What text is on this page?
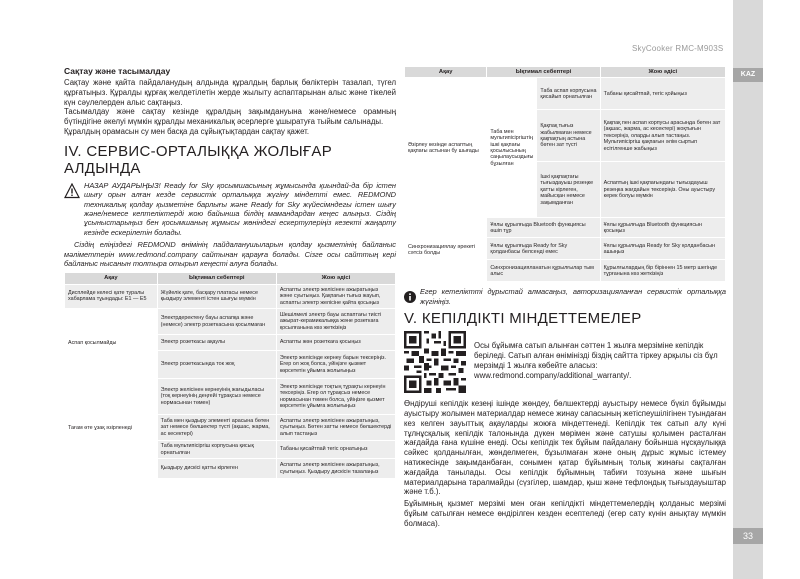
SkyCooker RMC-M903S
KAZ
33
Сақтау және тасымалдау

Сақтау және қайта пайдаланудың алдында құралдың барлық бөліктерін тазалап, түгел құрғатыңыз. Құралды құрғақ желдетілетін жерде жылыту аспаптарынан алыс және тікелей күн сәулелерден алыс сақтаңыз.

Тасымалдау және сақтау кезінде құралдың зақымдануына және/немесе орамның бүтіндігіне әкелуі мүмкін құралды механикалық әсерлерге ұшыратуға тыйым салынады.

Құралдың орамасын су мен басқа да сұйықтықтардан сақтау қажет.

IV. СЕРВИС-ОРТАЛЫҚҚА ЖОЛЫҒАР АЛДЫНДА

НАЗАР АУДАРЫҢЫЗ! Ready for Sky қосымшасының жұмысында қиындай-да бір істен шығу орын алған кезде сервистік орталыққа жүгіну міндетті емес. REDMOND техникалық қолдау қызметіне барлығы және Ready for Sky жүйесімндегы істен шығу және/немесе кептеліктерді жою байынша білдің мамандардан кеңес алыңыз. Сіздің ұсыныстарыңыз бен қосымшаның жұмысы жөніндегі ескертулеріңіз кезекті жаңарту кезінде ескерілетін болады.

Сіздің еліңіздегі REDMOND өнімінің пайдаланушыларын қолдау қызметінің байланыс мәліметтерін www.redmond.company сайтынан қарауға болады. Сізге осы сайттың кері байланыс нысанын толтыра отырып кеңесті алуға болады.

Ақау	Ықтимал себептері	Жою әдісі
Дисплейде келесі қате туралы хабарлама тұындады: Е1 — Е5	Жүйелік қате, басқару платасы немесе қыздыру элементі істен шығуы мүмкін	Аспапты электр желісінен ажыратыңыз және суытыңыз. Қақпағын тығыз жауып, аспапты электр желісіне қайта қосыңыз
Аспап қосылмайды	Электрдеректену бауы аспапқа және (немесе) электр розеткасына қосылмаған	Шешілмелі электр бауы аспаптағы тиісті ажырат-керамикалыққа және розеткаға қосылғанына көз жеткізіңіз
	Электр розеткасы ақаулы	Аспапты жөн розеткаға қосыңыз
	Электр розеткасында ток жоқ	Электр желісінде кернеу барын тексеріңіз. Егер ол жоқ болса, уйіңізге қызмет көрсететін ұйымға жолығыңыз
Тағам өте ұзақ әзірленеді	Электр желісінен кернеуінің жағыдыласы (тоқ кернеуінің деңгейі тұрақсыз немесе нормасынан төмен)	Электр желісінде тоқтың тұрақты кернеуін тексеріңіз. Егер ол тұрақсыз немесе нормасынан төмен болса, уйіңізге қызмет көрсететін ұйымға жолығыңыз
	Таба мен қыздыру элементі арасына бөтен зат немесе бөлшектер түсті (ақшас, жарма, ас кесектері)	Аспапты электр желісінен ажыратыңыз, суытыңыз. Бөтен затты немесе бөлшектерді алып тастаңыз
	Таба мультипісіргіш корпусына қисық орнатылған	Табаны қисайтпай тегіс орнатыңыз
	Қыздыру дискісі қатты кірлеген	Аспапты электр желісінен ажыратыңыз, суытыңыз. Қыздыру дискісін тазалаңыз
Ақау	Ықтимал себептері		Жою әдісі
Әзірлеу кезінде аспаптың қақпағы астынан бу шығады	Таба мен мультипісіргіштің ішкі қақпағы қосылысының саңылаусыздығы бұзылған	Таба аспап корпусына қисайып орнатылған	Табаны қисайтпай, тегіс қойыңыз
		Қақпақ тығыз жабылмаған немесе қақпақтың астына бөтен зат түсті	Қақпақ пен аспап корпусы арасында бөтен зат (ақшас, жарма, ас кесектері) жоқтығын тексеріңіз, оларды алып тастаңыз. Мультипісіргіш қақпағын әлім сыртып есітілгенше жабыңыз
		Ішкі қақпақтағы тығыздауыш резеңке қатты кірлеген, майысқан немесе зақымданған	Аспаптың ішкі қақпағындағы тығыздауыш резеңка жағдайын тексеріңіз. Оны ауыстыру керек болуы мүмкін
Синхронизациялау әрекеті сәтсіз болды	Ұялы құрылғыда Bluetooth функциясы өшіп тұр		Ұялы құрылғыда Bluetooth функциясын қосыңыз
	Ұялы құрылғыда Ready for Sky қолданбасы белсенді емес		Ұялы құрылғыда Ready for Sky қолданбасын ашыңыз
	Синхронизацияланатын құрылғылар тым алыс		Құрылғылардың бір біріннен 15 метр шегінде тұрғанына көз жеткізіңіз

Егер кетеліктті дұрыстай алмасаңыз, авторизацияланған сервистік орталыққа жүгініңіз.

V. КЕПІЛДІКТІ МІНДЕТТЕМЕЛЕР

Осы бұйымға сатып алынған сәттен 1 жылға мерзіміне кепілдік беріледі. Сатып алған өнімінізді біздің сайтта тіркеу арқылы сіз бұл мерзімді 1 жылға көбейте аласыз: www.redmond.company/additional_warranty/.

Өндіруші кепілдік кезеңі ішінде жөндеу, бөлшектерді ауыстыру немесе бүкіл бұйымды ауыстыру жолымен материалдар немесе жинау сапасының жетіспеушілігінен туындаған кез келген зауыттық ақауларды жоюға міндеттенеді. Кепілдік тек сатып алу күні тұлнұсқалық кепілдік талонында дүкен мөрімен және сатушы қолымен расталған жағдайда ғана күшіне енеді. Осы кепілдік тек бұйым пайдалану бойынша нұсқаулыққа сәйкес қолданылған, жөнделмеген, бұзылмаған және оның дұрыс жұмыс істемеу натижесінде зақымданбаған, сонымен қатар бұйымның толық жинағы сақталған жағдайда танылады. Осы кепілдік бұйымның табиғи тозуына және шығын материалдарына таралмайды (сүзгілер, шамдар, қыш және тефлондық тығыздауыштар және т.б.).

Бұйымның қызмет мерзімі мен оған кепілдікті міндеттемелердің қолданыс мерзімі бұйым сатылған немесе өндірілген кезден есептеледі (егер сату күнін анықтау мүмкін болмаса).
